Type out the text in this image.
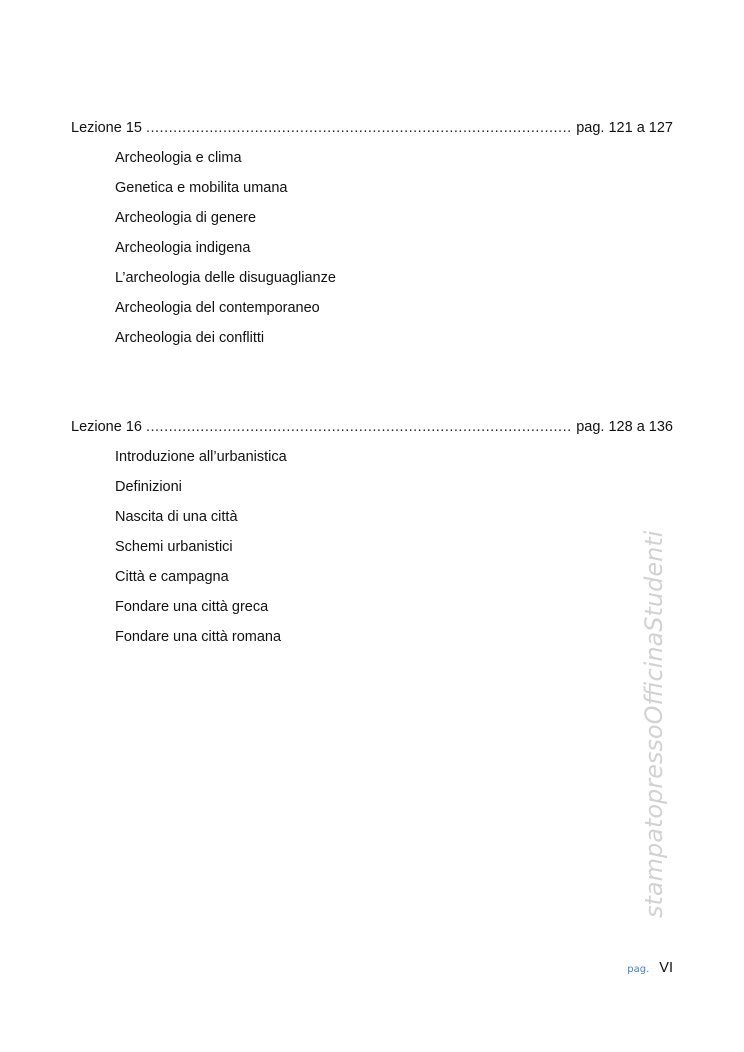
Lezione 15 .....	pag. 121 a 127
Archeologia e clima
Genetica e mobilita umana
Archeologia di genere
Archeologia indigena
L’archeologia delle disuguaglianze
Archeologia del contemporaneo
Archeologia dei conflitti
Lezione 16 .....	pag. 128 a 136
Introduzione all’urbanistica
Definizioni
Nascita di una città
Schemi urbanistici
Città e campagna
Fondare una città greca
Fondare una città romana	stampatopressoOfficinaStudenti
pag. VI
